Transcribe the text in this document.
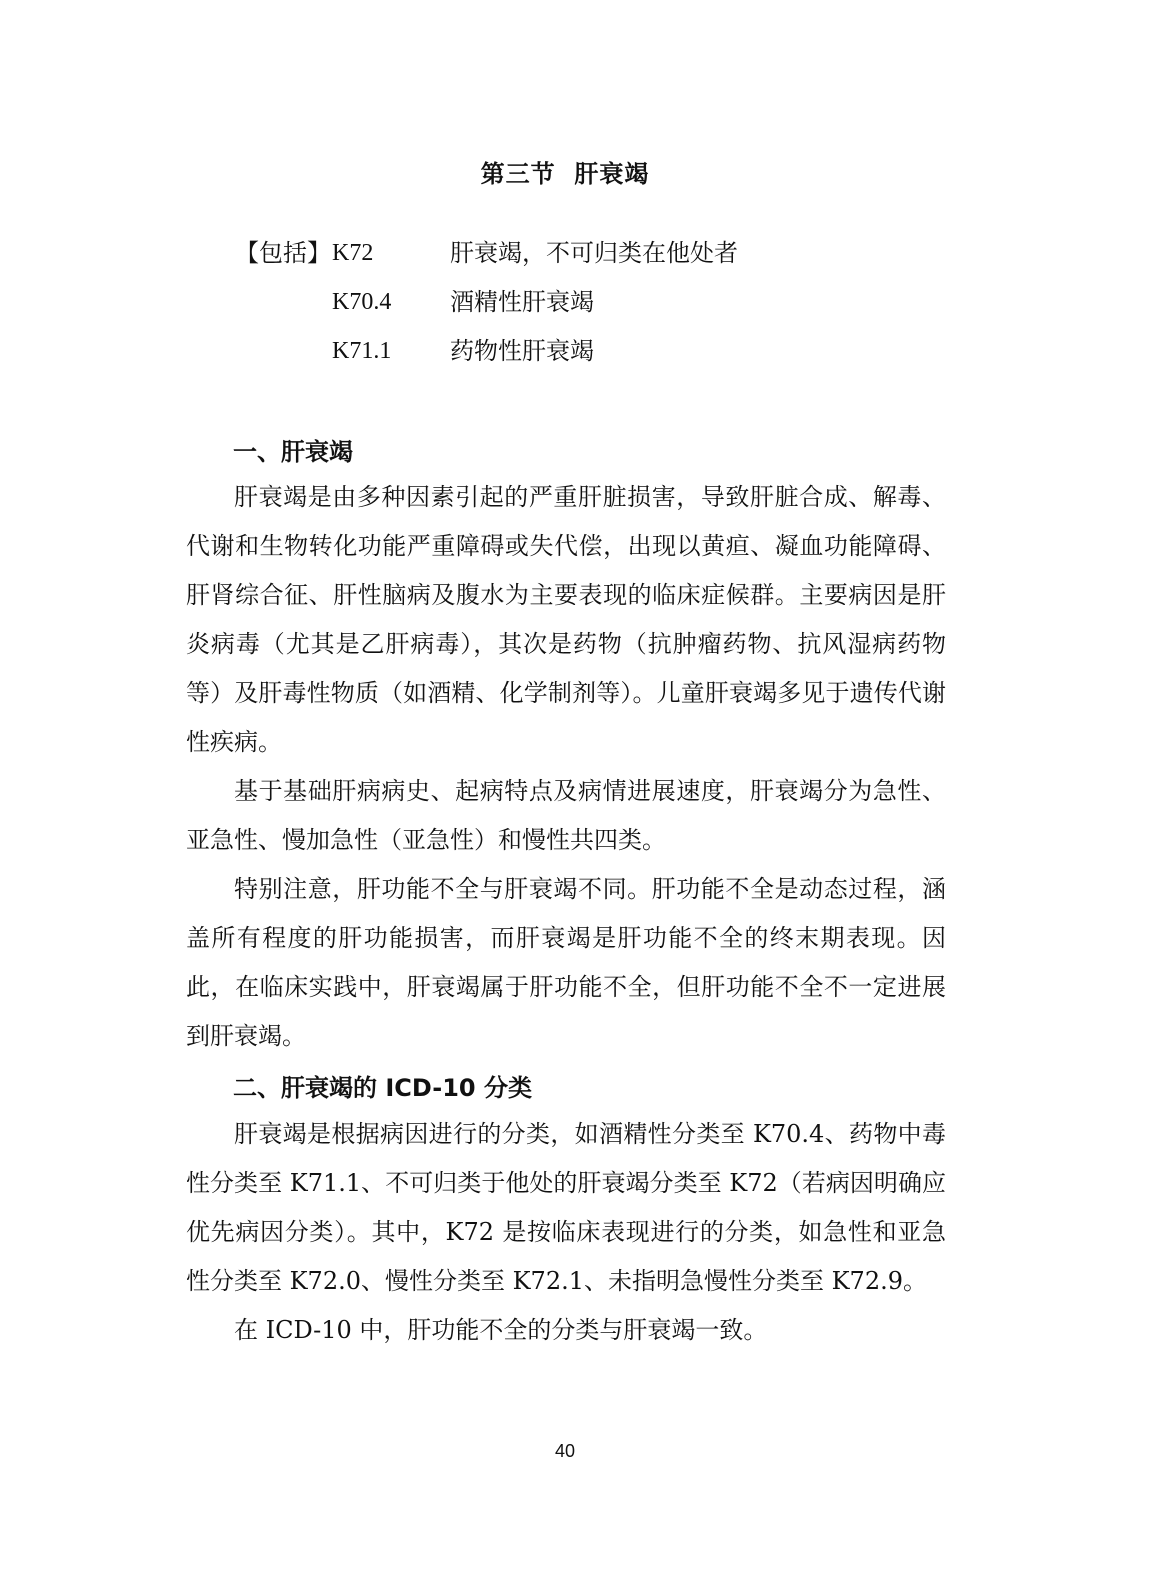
第三节  肝衰竭
【包括】 K72	肝衰竭，不可归类在他处者
K70.4 酒精性肝衰竭
K71.1 药物性肝衰竭
一、肝衰竭

肝衰竭是由多种因素引起的严重肝脏损害，导致肝脏合成、解毒、代谢和生物转化功能严重障碍或失代偿，出现以黄疸、凝血功能障碍、肝肾综合征、肝性脑病及腹水为主要表现的临床症候群。主要病因是肝炎病毒（尤其是乙肝病毒），其次是药物（抗肿瘤药物、抗风湿病药物等）及肝毒性物质（如酒精、化学制剂等）。儿童肝衰竭多见于遗传代谢性疾病。

基于基础肝病病史、起病特点及病情进展速度，肝衰竭分为急性、亚急性、慢加急性（亚急性）和慢性共四类。

特别注意，肝功能不全与肝衰竭不同。肝功能不全是动态过程，涵盖所有程度的肝功能损害，而肝衰竭是肝功能不全的终末期表现。因此，在临床实践中，肝衰竭属于肝功能不全，但肝功能不全不一定进展到肝衰竭。

二、肝衰竭的 ICD-10 分类

肝衰竭是根据病因进行的分类，如酒精性分类至 K70.4、药物中毒性分类至 K71.1、不可归类于他处的肝衰竭分类至 K72（若病因明确应优先病因分类）。其中，K72 是按临床表现进行的分类，如急性和亚急性分类至 K72.0、慢性分类至 K72.1、未指明急慢性分类至 K72.9。

在 ICD-10 中，肝功能不全的分类与肝衰竭一致。

40
